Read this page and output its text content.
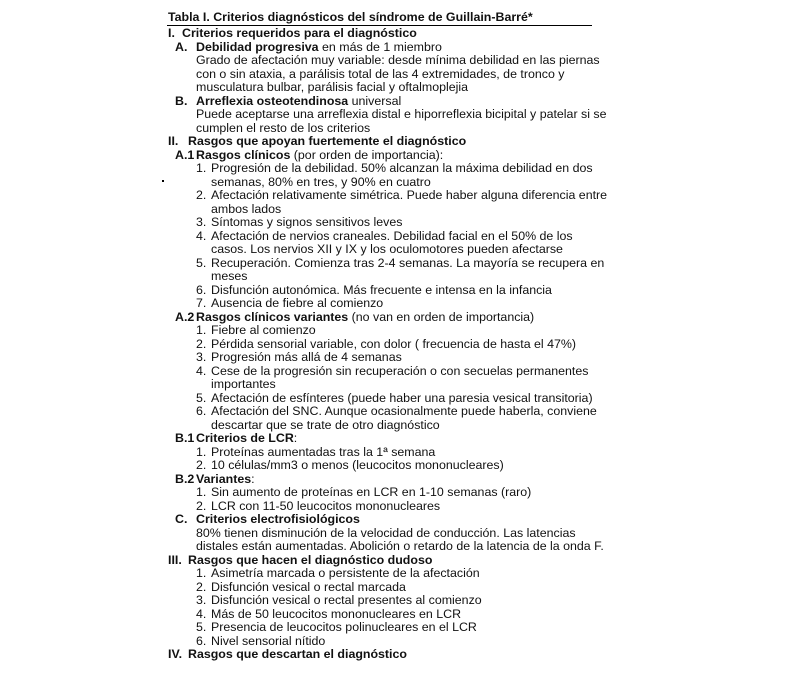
Tabla I. Criterios diagnósticos del síndrome de Guillain-Barré*
I. Criterios requeridos para el diagnóstico
A. Debilidad progresiva en más de 1 miembro
Grado de afectación muy variable: desde mínima debilidad en las piernas
con o sin ataxia, a parálisis total de las 4 extremidades, de tronco y
musculatura bulbar, parálisis facial y oftalmoplejia
B. Arreflexia osteotendinosa universal
Puede aceptarse una arreflexia distal e hiporreflexia bicipital y patelar si se
cumplen el resto de los criterios
II. Rasgos que apoyan fuertemente el diagnóstico
A.1 Rasgos clínicos (por orden de importancia):
1. Progresión de la debilidad. 50% alcanzan la máxima debilidad en dos
semanas, 80% en tres, y 90% en cuatro
2. Afectación relativamente simétrica. Puede haber alguna diferencia entre
ambos lados
3. Síntomas y signos sensitivos leves
4. Afectación de nervios craneales. Debilidad facial en el 50% de los
casos. Los nervios XII y IX y los oculomotores pueden afectarse
5. Recuperación. Comienza tras 2-4 semanas. La mayoría se recupera en
meses
6. Disfunción autonómica. Más frecuente e intensa en la infancia
7. Ausencia de fiebre al comienzo
A.2 Rasgos clínicos variantes (no van en orden de importancia)
1. Fiebre al comienzo
2. Pérdida sensorial variable, con dolor ( frecuencia de hasta el 47%)
3. Progresión más allá de 4 semanas
4. Cese de la progresión sin recuperación o con secuelas permanentes
importantes
5. Afectación de esfínteres (puede haber una paresia vesical transitoria)
6. Afectación del SNC. Aunque ocasionalmente puede haberla, conviene
descartar que se trate de otro diagnóstico
B.1 Criterios de LCR:
1. Proteínas aumentadas tras la 1ª semana
2. 10 células/mm3 o menos (leucocitos mononucleares)
B.2 Variantes:
1. Sin aumento de proteínas en LCR en 1-10 semanas (raro)
2. LCR con 11-50 leucocitos mononucleares
C. Criterios electrofisiológicos
80% tienen disminución de la velocidad de conducción. Las latencias
distales están aumentadas. Abolición o retardo de la latencia de la onda F.
III. Rasgos que hacen el diagnóstico dudoso
1. Asimetría marcada o persistente de la afectación
2. Disfunción vesical o rectal marcada
3. Disfunción vesical o rectal presentes al comienzo
4. Más de 50 leucocitos mononucleares en LCR
5. Presencia de leucocitos polinucleares en el LCR
6. Nivel sensorial nítido
IV. Rasgos que descartan el diagnóstico
